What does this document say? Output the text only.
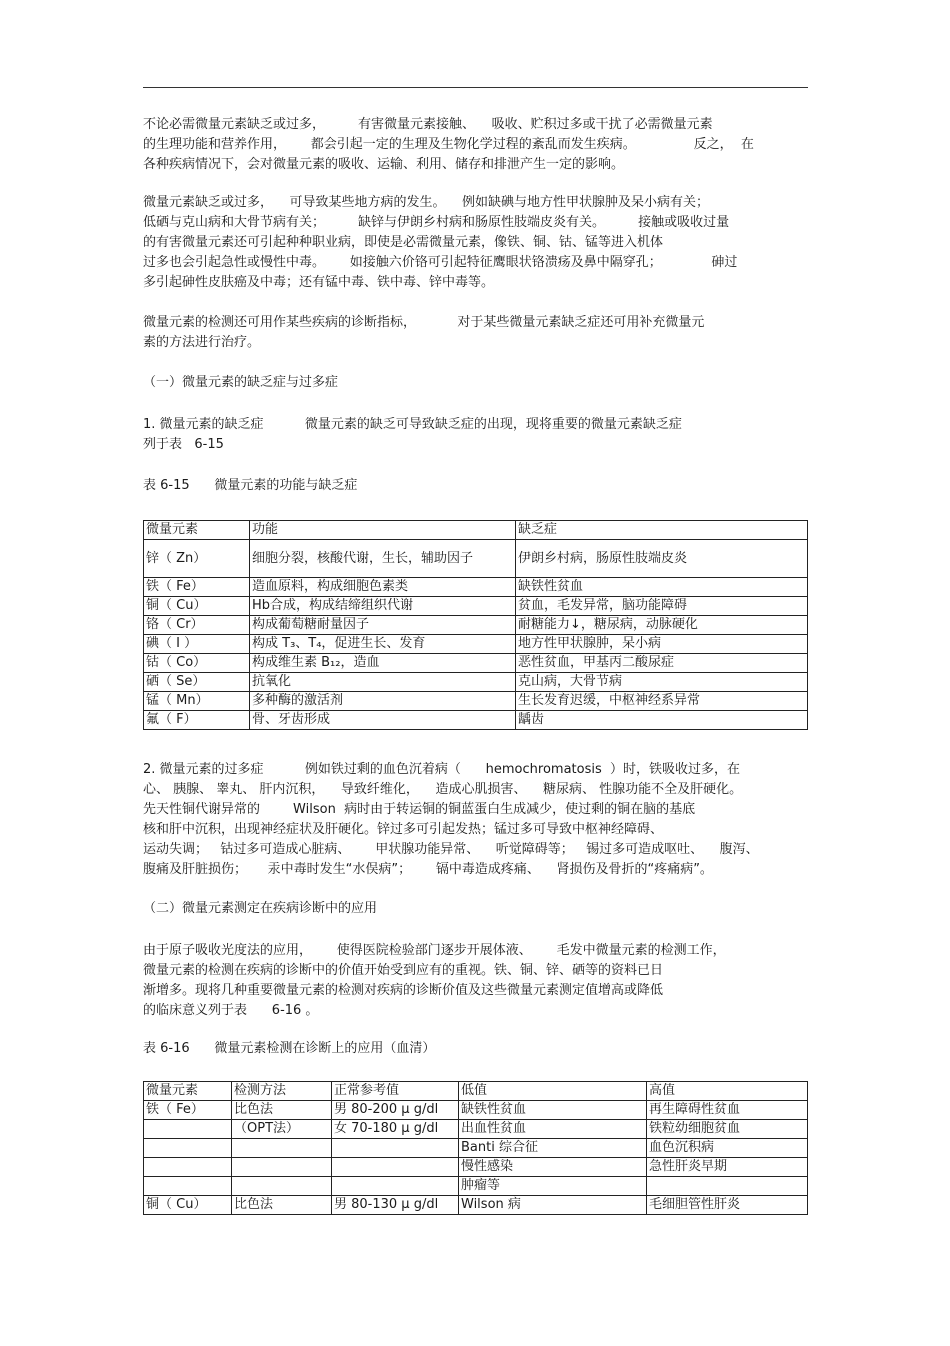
不论必需微量元素缺乏或过多，        有害微量元素接触、    吸收、贮积过多或干扰了必需微量元素
的生理功能和营养作用，      都会引起一定的生理及生物化学过程的紊乱而发生疾病。              反之，  在
各种疾病情况下，会对微量元素的吸收、运输、利用、储存和排泄产生一定的影响。
微量元素缺乏或过多，    可导致某些地方病的发生。    例如缺碘与地方性甲状腺肿及呆小病有关；
低硒与克山病和大骨节病有关；        缺锌与伊朗乡村病和肠原性肢端皮炎有关。        接触或吸收过量
的有害微量元素还可引起种种职业病，即使是必需微量元素，像铁、铜、钴、锰等进入机体
过多也会引起急性或慢性中毒。      如接触六价铬可引起特征鹰眼状铬溃疡及鼻中隔穿孔；            砷过
多引起砷性皮肤癌及中毒；还有锰中毒、铁中毒、锌中毒等。
微量元素的检测还可用作某些疾病的诊断指标，          对于某些微量元素缺乏症还可用补充微量元
素的方法进行治疗。
（一）微量元素的缺乏症与过多症
1. 微量元素的缺乏症          微量元素的缺乏可导致缺乏症的出现，现将重要的微量元素缺乏症
列于表   6-15
表 6-15      微量元素的功能与缺乏症
微量元素	功能	缺乏症
锌（ Zn）	细胞分裂，核酸代谢，生长，辅助因子	伊朗乡村病，肠原性肢端皮炎
铁（ Fe）	造血原料，构成细胞色素类	缺铁性贫血
铜（ Cu）	Hb合成，构成结缔组织代谢	贫血，毛发异常，脑功能障碍
铬（ Cr）	构成葡萄糖耐量因子	耐糖能力↓，糖尿病，动脉硬化
碘（ I ）	构成 T₃、T₄，促进生长、发育	地方性甲状腺肿，呆小病
钴（ Co）	构成维生素 B₁₂，造血	恶性贫血，甲基丙二酸尿症
硒（ Se）	抗氧化	克山病，大骨节病
锰（ Mn）	多种酶的激活剂	生长发育迟缓，中枢神经系异常
氟（ F）	骨、牙齿形成	龋齿
2. 微量元素的过多症          例如铁过剩的血色沉着病（      hemochromatosis  ）时，铁吸收过多，在
心、 胰腺、 睾丸、 肝内沉积，    导致纤维化，    造成心肌损害、    糖尿病、 性腺功能不全及肝硬化。
先天性铜代谢异常的        Wilson  病时由于转运铜的铜蓝蛋白生成减少，使过剩的铜在脑的基底
核和肝中沉积，出现神经症状及肝硬化。锌过多可引起发热；锰过多可导致中枢神经障碍、
运动失调；   钴过多可造成心脏病、      甲状腺功能异常、    听觉障碍等；   锡过多可造成呕吐、    腹泻、
腹痛及肝脏损伤；     汞中毒时发生“水俣病”；      镉中毒造成疼痛、    肾损伤及骨折的“疼痛病”。
（二）微量元素测定在疾病诊断中的应用
由于原子吸收光度法的应用，      使得医院检验部门逐步开展体液、      毛发中微量元素的检测工作，
微量元素的检测在疾病的诊断中的价值开始受到应有的重视。铁、铜、锌、硒等的资料已日
渐增多。现将几种重要微量元素的检测对疾病的诊断价值及这些微量元素测定值增高或降低
的临床意义列于表      6-16 。
表 6-16      微量元素检测在诊断上的应用（血清）
微量元素	检测方法	正常参考值	低值	高值
铁（ Fe）	比色法	男 80-200 μ g/dl	缺铁性贫血	再生障碍性贫血
	（OPT法）	女 70-180 μ g/dl	出血性贫血	铁粒幼细胞贫血
			Banti 综合征	血色沉积病
			慢性感染	急性肝炎早期
			肿瘤等	
铜（ Cu）	比色法	男 80-130 μ g/dl	Wilson 病	毛细胆管性肝炎
